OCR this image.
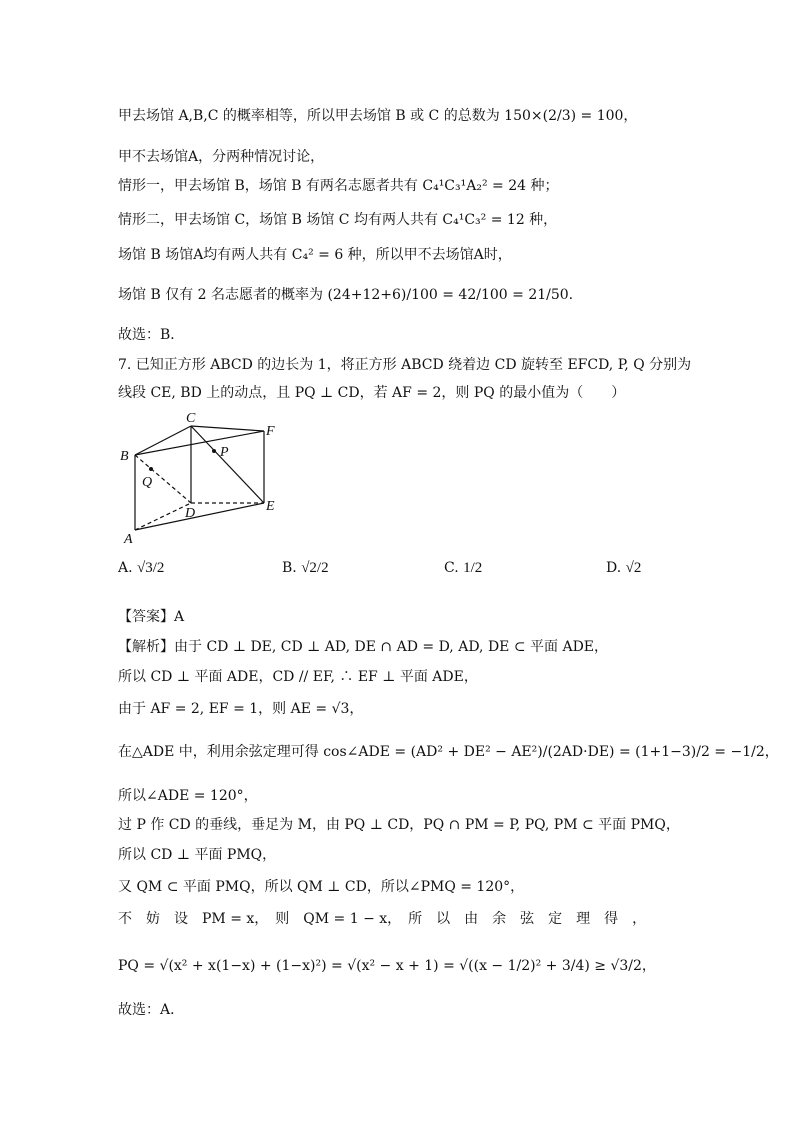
甲去场馆 A,B,C 的概率相等，所以甲去场馆 B 或 C 的总数为 150×(2/3) = 100，
甲不去场馆A，分两种情况讨论，
情形一，甲去场馆 B，场馆 B 有两名志愿者共有 C₄¹C₃¹A₂² = 24 种；
情形二，甲去场馆 C，场馆 B 场馆 C 均有两人共有 C₄¹C₃² = 12 种，
场馆 B 场馆A均有两人共有 C₄² = 6 种，所以甲不去场馆A时，
场馆 B 仅有 2 名志愿者的概率为 (24+12+6)/100 = 42/100 = 21/50.
故选：B．
7. 已知正方形 ABCD 的边长为 1，将正方形 ABCD 绕着边 CD 旋转至 EFCD, P, Q 分别为
线段 CE, BD 上的动点，且 PQ ⊥ CD，若 AF = 2，则 PQ 的最小值为（　　）
B
C
F
P
Q
D	E
A
A. √3/2	B. √2/2	C. 1/2	D. √2
【答案】A
【解析】由于 CD ⊥ DE, CD ⊥ AD, DE ∩ AD = D, AD, DE ⊂ 平面 ADE，
所以 CD ⊥ 平面 ADE，CD // EF, ∴ EF ⊥ 平面 ADE，
由于 AF = 2, EF = 1，则 AE = √3，
在△ADE 中，利用余弦定理可得 cos∠ADE = (AD² + DE² − AE²)/(2AD·DE) = (1+1−3)/2 = −1/2，
所以∠ADE = 120°，
过 P 作 CD 的垂线，垂足为 M，由 PQ ⊥ CD，PQ ∩ PM = P, PQ, PM ⊂ 平面 PMQ，
所以 CD ⊥ 平面 PMQ，
又 QM ⊂ 平面 PMQ，所以 QM ⊥ CD，所以∠PMQ = 120°，
不　妨　设　PM = x，　则　QM = 1 − x，　所　以　由　余　弦　定　理　得　，
PQ = √(x² + x(1−x) + (1−x)²) = √(x² − x + 1) = √((x − 1/2)² + 3/4) ≥ √3/2，
故选：A．
